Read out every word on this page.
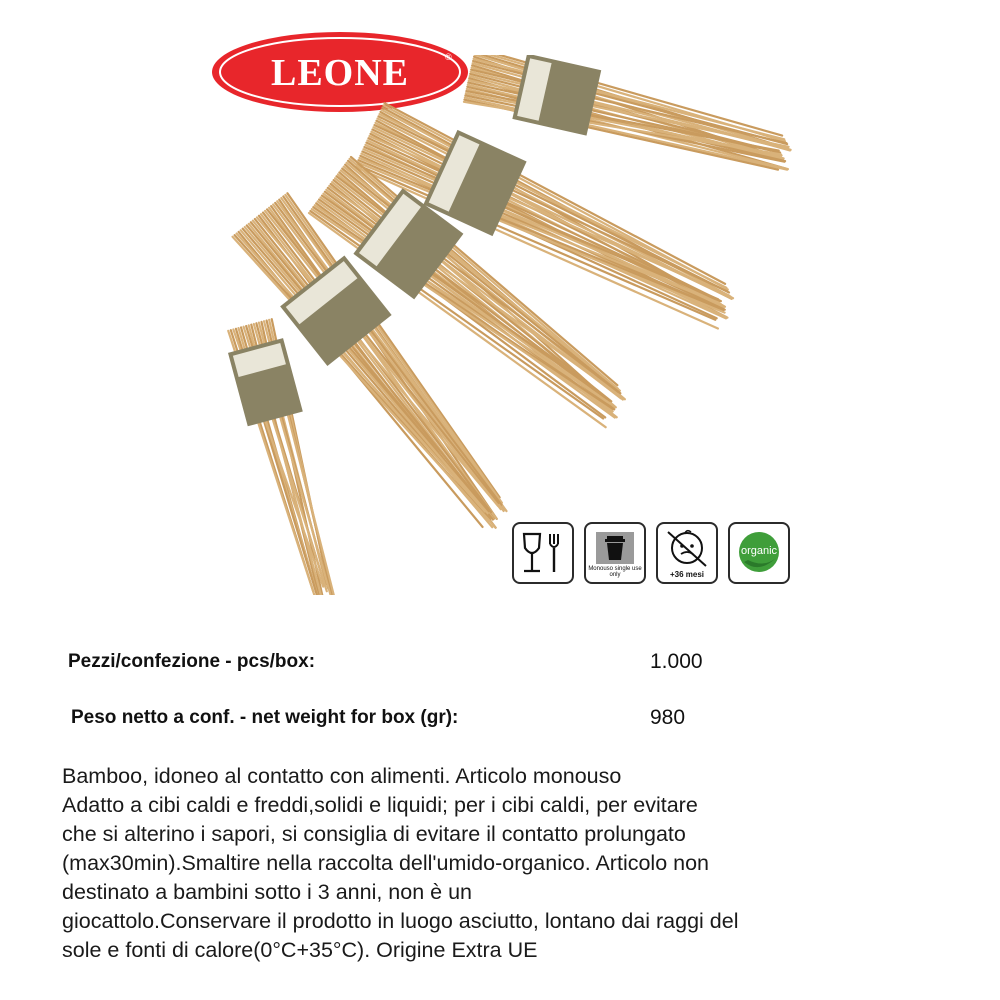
LEONE	®
Monouso single use only	+36 mesi
organic
Pezzi/confezione - pcs/box:	1.000
Peso netto a conf. - net weight for box (gr):	980
Bamboo, idoneo al contatto con alimenti. Articolo monouso
Adatto a cibi caldi e freddi,solidi e liquidi; per i cibi caldi, per evitare
che si alterino i sapori, si consiglia di evitare il contatto prolungato
(max30min).Smaltire nella raccolta dell'umido-organico. Articolo non
destinato a bambini sotto i 3 anni, non è un
giocattolo.Conservare il prodotto in luogo asciutto, lontano dai raggi del
sole e fonti di calore(0°C+35°C). Origine Extra UE
